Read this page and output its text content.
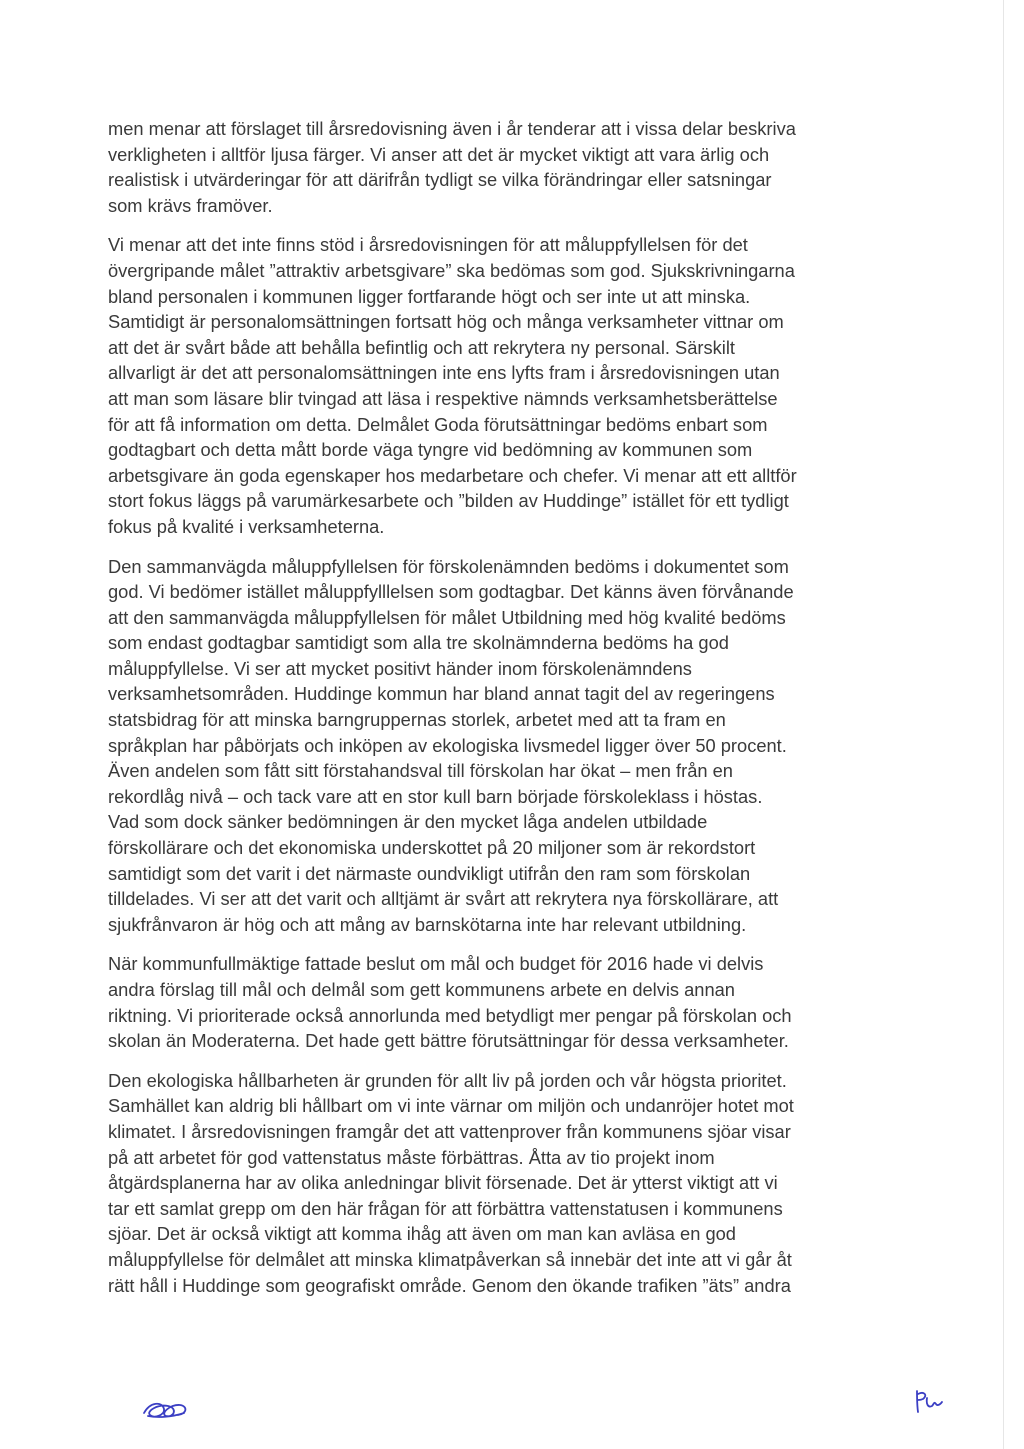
men menar att förslaget till årsredovisning även i år tenderar att i vissa delar beskriva
verkligheten i alltför ljusa färger. Vi anser att det är mycket viktigt att vara ärlig och
realistisk i utvärderingar för att därifrån tydligt se vilka förändringar eller satsningar
som krävs framöver.

Vi menar att det inte finns stöd i årsredovisningen för att måluppfyllelsen för det
övergripande målet ”attraktiv arbetsgivare” ska bedömas som god. Sjukskrivningarna
bland personalen i kommunen ligger fortfarande högt och ser inte ut att minska.
Samtidigt är personalomsättningen fortsatt hög och många verksamheter vittnar om
att det är svårt både att behålla befintlig och att rekrytera ny personal. Särskilt
allvarligt är det att personalomsättningen inte ens lyfts fram i årsredovisningen utan
att man som läsare blir tvingad att läsa i respektive nämnds verksamhetsberättelse
för att få information om detta. Delmålet Goda förutsättningar bedöms enbart som
godtagbart och detta mått borde väga tyngre vid bedömning av kommunen som
arbetsgivare än goda egenskaper hos medarbetare och chefer. Vi menar att ett alltför
stort fokus läggs på varumärkesarbete och ”bilden av Huddinge” istället för ett tydligt
fokus på kvalité i verksamheterna.

Den sammanvägda måluppfyllelsen för förskolenämnden bedöms i dokumentet som
god. Vi bedömer istället måluppfylllelsen som godtagbar. Det känns även förvånande
att den sammanvägda måluppfyllelsen för målet Utbildning med hög kvalité bedöms
som endast godtagbar samtidigt som alla tre skolnämnderna bedöms ha god
måluppfyllelse. Vi ser att mycket positivt händer inom förskolenämndens
verksamhetsområden. Huddinge kommun har bland annat tagit del av regeringens
statsbidrag för att minska barngruppernas storlek, arbetet med att ta fram en
språkplan har påbörjats och inköpen av ekologiska livsmedel ligger över 50 procent.
Även andelen som fått sitt förstahandsval till förskolan har ökat – men från en
rekordlåg nivå – och tack vare att en stor kull barn började förskoleklass i höstas.
Vad som dock sänker bedömningen är den mycket låga andelen utbildade
förskollärare och det ekonomiska underskottet på 20 miljoner som är rekordstort
samtidigt som det varit i det närmaste oundvikligt utifrån den ram som förskolan
tilldelades. Vi ser att det varit och alltjämt är svårt att rekrytera nya förskollärare, att
sjukfrånvaron är hög och att mång av barnskötarna inte har relevant utbildning.

När kommunfullmäktige fattade beslut om mål och budget för 2016 hade vi delvis
andra förslag till mål och delmål som gett kommunens arbete en delvis annan
riktning. Vi prioriterade också annorlunda med betydligt mer pengar på förskolan och
skolan än Moderaterna. Det hade gett bättre förutsättningar för dessa verksamheter.

Den ekologiska hållbarheten är grunden för allt liv på jorden och vår högsta prioritet.
Samhället kan aldrig bli hållbart om vi inte värnar om miljön och undanröjer hotet mot
klimatet. I årsredovisningen framgår det att vattenprover från kommunens sjöar visar
på att arbetet för god vattenstatus måste förbättras. Åtta av tio projekt inom
åtgärdsplanerna har av olika anledningar blivit försenade. Det är ytterst viktigt att vi
tar ett samlat grepp om den här frågan för att förbättra vattenstatusen i kommunens
sjöar. Det är också viktigt att komma ihåg att även om man kan avläsa en god
måluppfyllelse för delmålet att minska klimatpåverkan så innebär det inte att vi går åt
rätt håll i Huddinge som geografiskt område. Genom den ökande trafiken ”äts” andra
